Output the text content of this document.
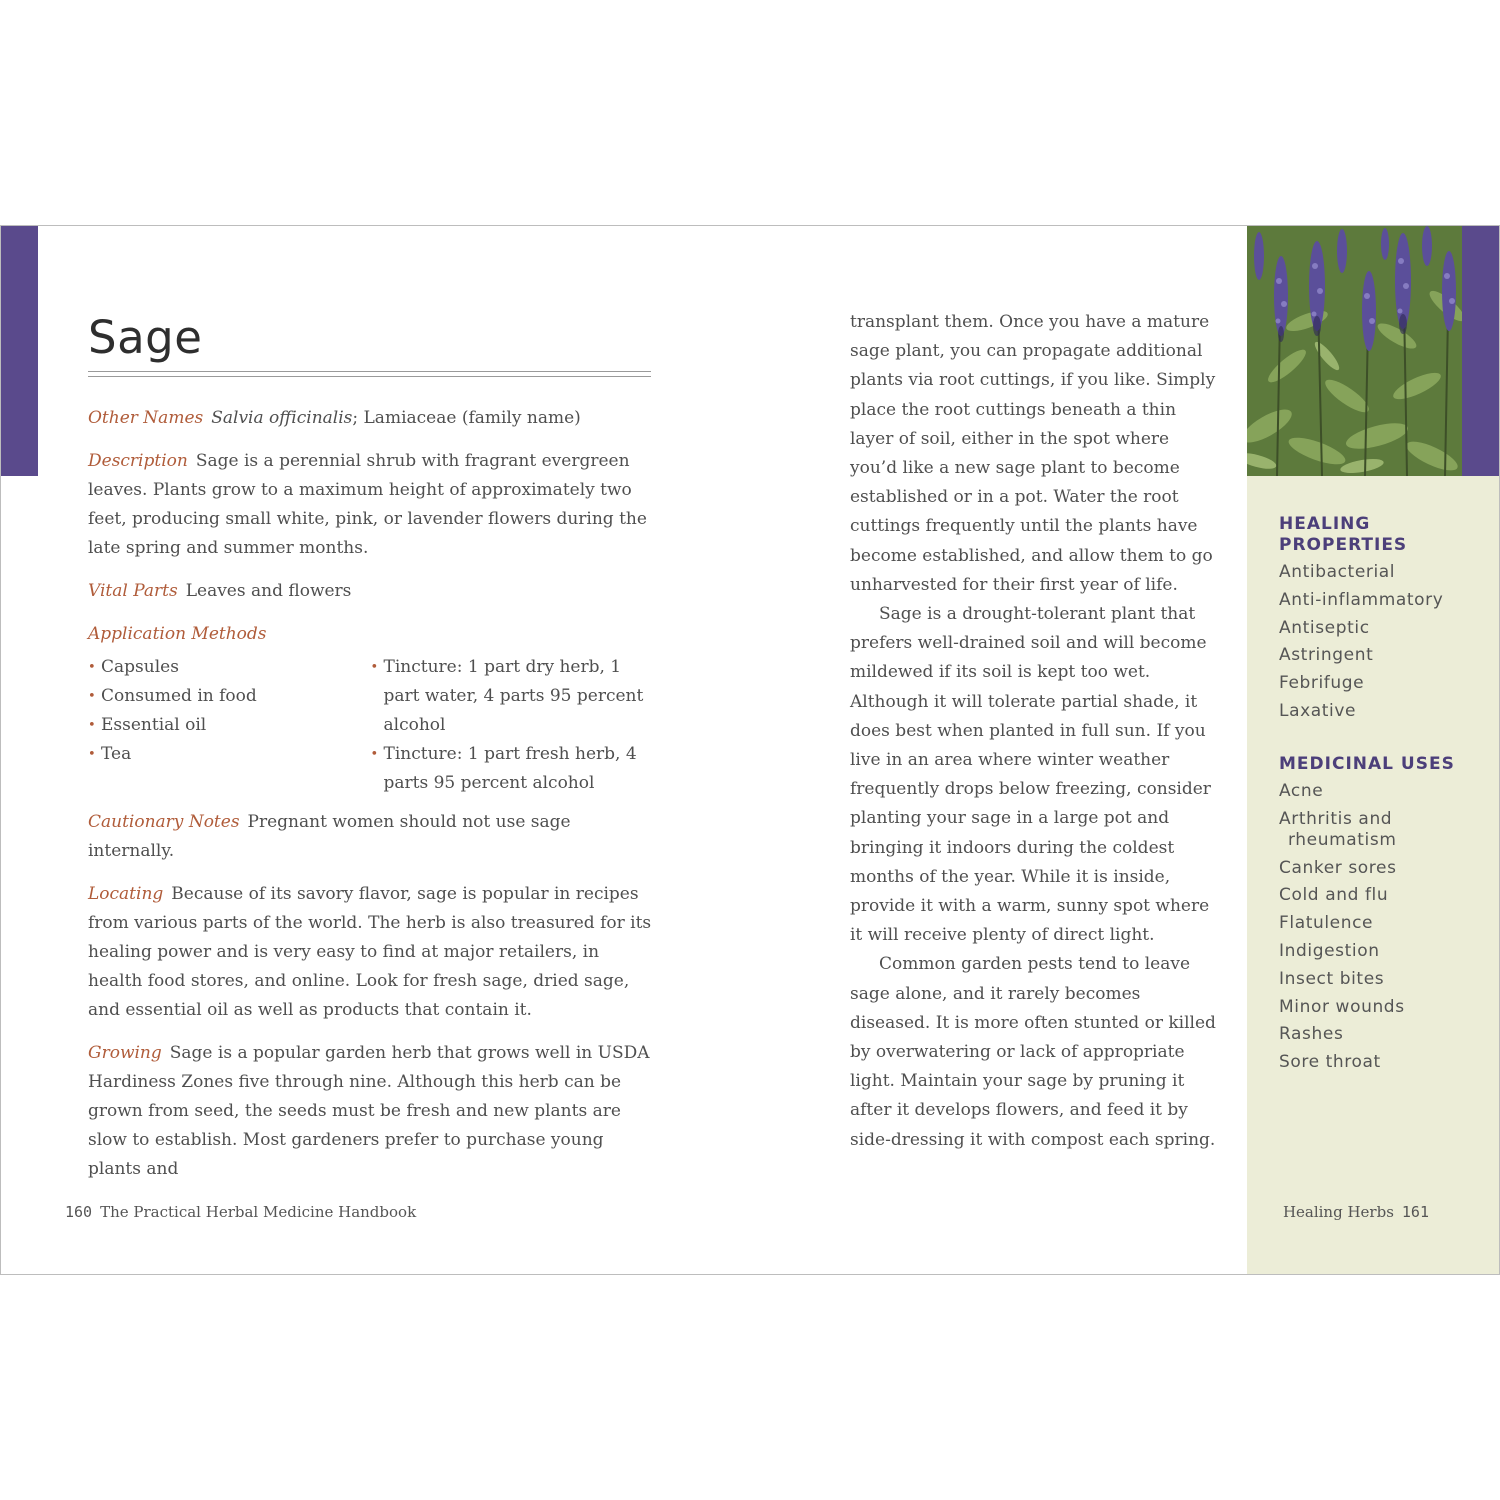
Sage

Other Names Salvia officinalis; Lamiaceae (family name)

Description Sage is a perennial shrub with fragrant evergreen leaves. Plants grow to a maximum height of approximately two feet, producing small white, pink, or lavender flowers during the late spring and summer months.

Vital Parts Leaves and flowers

Application Methods

• Capsules
• Consumed in food
• Essential oil
• Tea
• Tincture: 1 part dry herb, 1 part water, 4 parts 95 percent alcohol
• Tincture: 1 part fresh herb, 4 parts 95 percent alcohol

Cautionary Notes Pregnant women should not use sage internally.

Locating Because of its savory flavor, sage is popular in recipes from various parts of the world. The herb is also treasured for its healing power and is very easy to find at major retailers, in health food stores, and online. Look for fresh sage, dried sage, and essential oil as well as products that contain it.

Growing Sage is a popular garden herb that grows well in USDA Hardiness Zones five through nine. Although this herb can be grown from seed, the seeds must be fresh and new plants are slow to establish. Most gardeners prefer to purchase young plants and

160 The Practical Herbal Medicine Handbook

transplant them. Once you have a mature sage plant, you can propagate additional plants via root cuttings, if you like. Simply place the root cuttings beneath a thin layer of soil, either in the spot where you’d like a new sage plant to become established or in a pot. Water the root cuttings frequently until the plants have become established, and allow them to go unharvested for their first year of life.

Sage is a drought-tolerant plant that prefers well-drained soil and will become mildewed if its soil is kept too wet. Although it will tolerate partial shade, it does best when planted in full sun. If you live in an area where winter weather frequently drops below freezing, consider planting your sage in a large pot and bringing it indoors during the coldest months of the year. While it is inside, provide it with a warm, sunny spot where it will receive plenty of direct light.

Common garden pests tend to leave sage alone, and it rarely becomes diseased. It is more often stunted or killed by overwatering or lack of appropriate light. Maintain your sage by pruning it after it develops flowers, and feed it by side-dressing it with compost each spring.

HEALING PROPERTIES
Antibacterial
Anti-inflammatory
Antiseptic
Astringent
Febrifuge
Laxative
MEDICINAL USES
Acne
Arthritis and
rheumatism
Canker sores
Cold and flu
Flatulence
Indigestion
Insect bites
Minor wounds
Rashes
Sore throat
Healing Herbs 161
